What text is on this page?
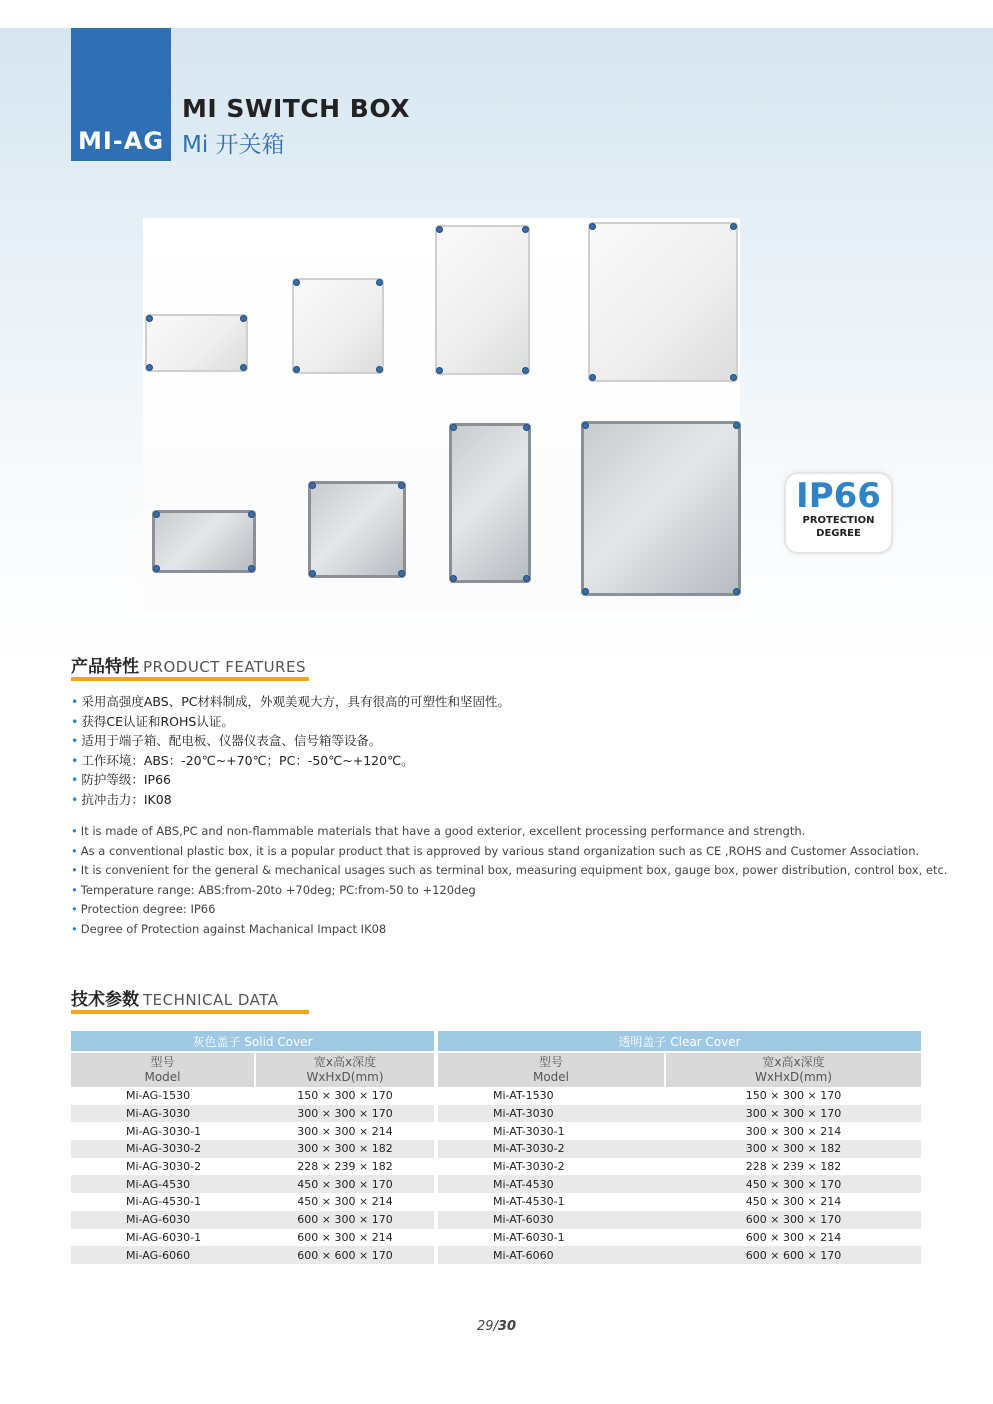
MI-AG
MI SWITCH BOX
Mi 开关箱
IP66
PROTECTION
DEGREE
产品特性 PRODUCT FEATURES
• 采用高强度ABS、PC材料制成，外观美观大方，具有很高的可塑性和坚固性。
• 获得CE认证和ROHS认证。
• 适用于端子箱、配电板、仪器仪表盒、信号箱等设备。
• 工作环境：ABS：-20℃~+70℃；PC：-50℃~+120℃。
• 防护等级：IP66
• 抗冲击力：IK08
• It is made of ABS,PC and non-flammable materials that have a good exterior, excellent processing performance and strength.
• As a conventional plastic box, it is a popular product that is approved by various stand organization such as CE ,ROHS and Customer Association.
• It is convenient for the general & mechanical usages such as terminal box, measuring equipment box, gauge box, power distribution, control box, etc.
• Temperature range: ABS:from-20to +70deg; PC:from-50 to +120deg
• Protection degree: IP66
• Degree of Protection against Machanical Impact IK08
技术参数 TECHNICAL DATA
灰色盖子 Solid Cover		透明盖子 Clear Cover	
型号
Model	宽x高x深度
WxHxD(mm)	型号
Model	宽x高x深度
WxHxD(mm)
Mi-AG-1530	150 × 300 × 170	Mi-AT-1530	150 × 300 × 170
Mi-AG-3030	300 × 300 × 170	Mi-AT-3030	300 × 300 × 170
Mi-AG-3030-1	300 × 300 × 214	Mi-AT-3030-1	300 × 300 × 214
Mi-AG-3030-2	300 × 300 × 182	Mi-AT-3030-2	300 × 300 × 182
Mi-AG-3030-2	228 × 239 × 182	Mi-AT-3030-2	228 × 239 × 182
Mi-AG-4530	450 × 300 × 170	Mi-AT-4530	450 × 300 × 170
Mi-AG-4530-1	450 × 300 × 214	Mi-AT-4530-1	450 × 300 × 214
Mi-AG-6030	600 × 300 × 170	Mi-AT-6030	600 × 300 × 170
Mi-AG-6030-1	600 × 300 × 214	Mi-AT-6030-1	600 × 300 × 214
Mi-AG-6060	600 × 600 × 170	Mi-AT-6060	600 × 600 × 170
29/30
